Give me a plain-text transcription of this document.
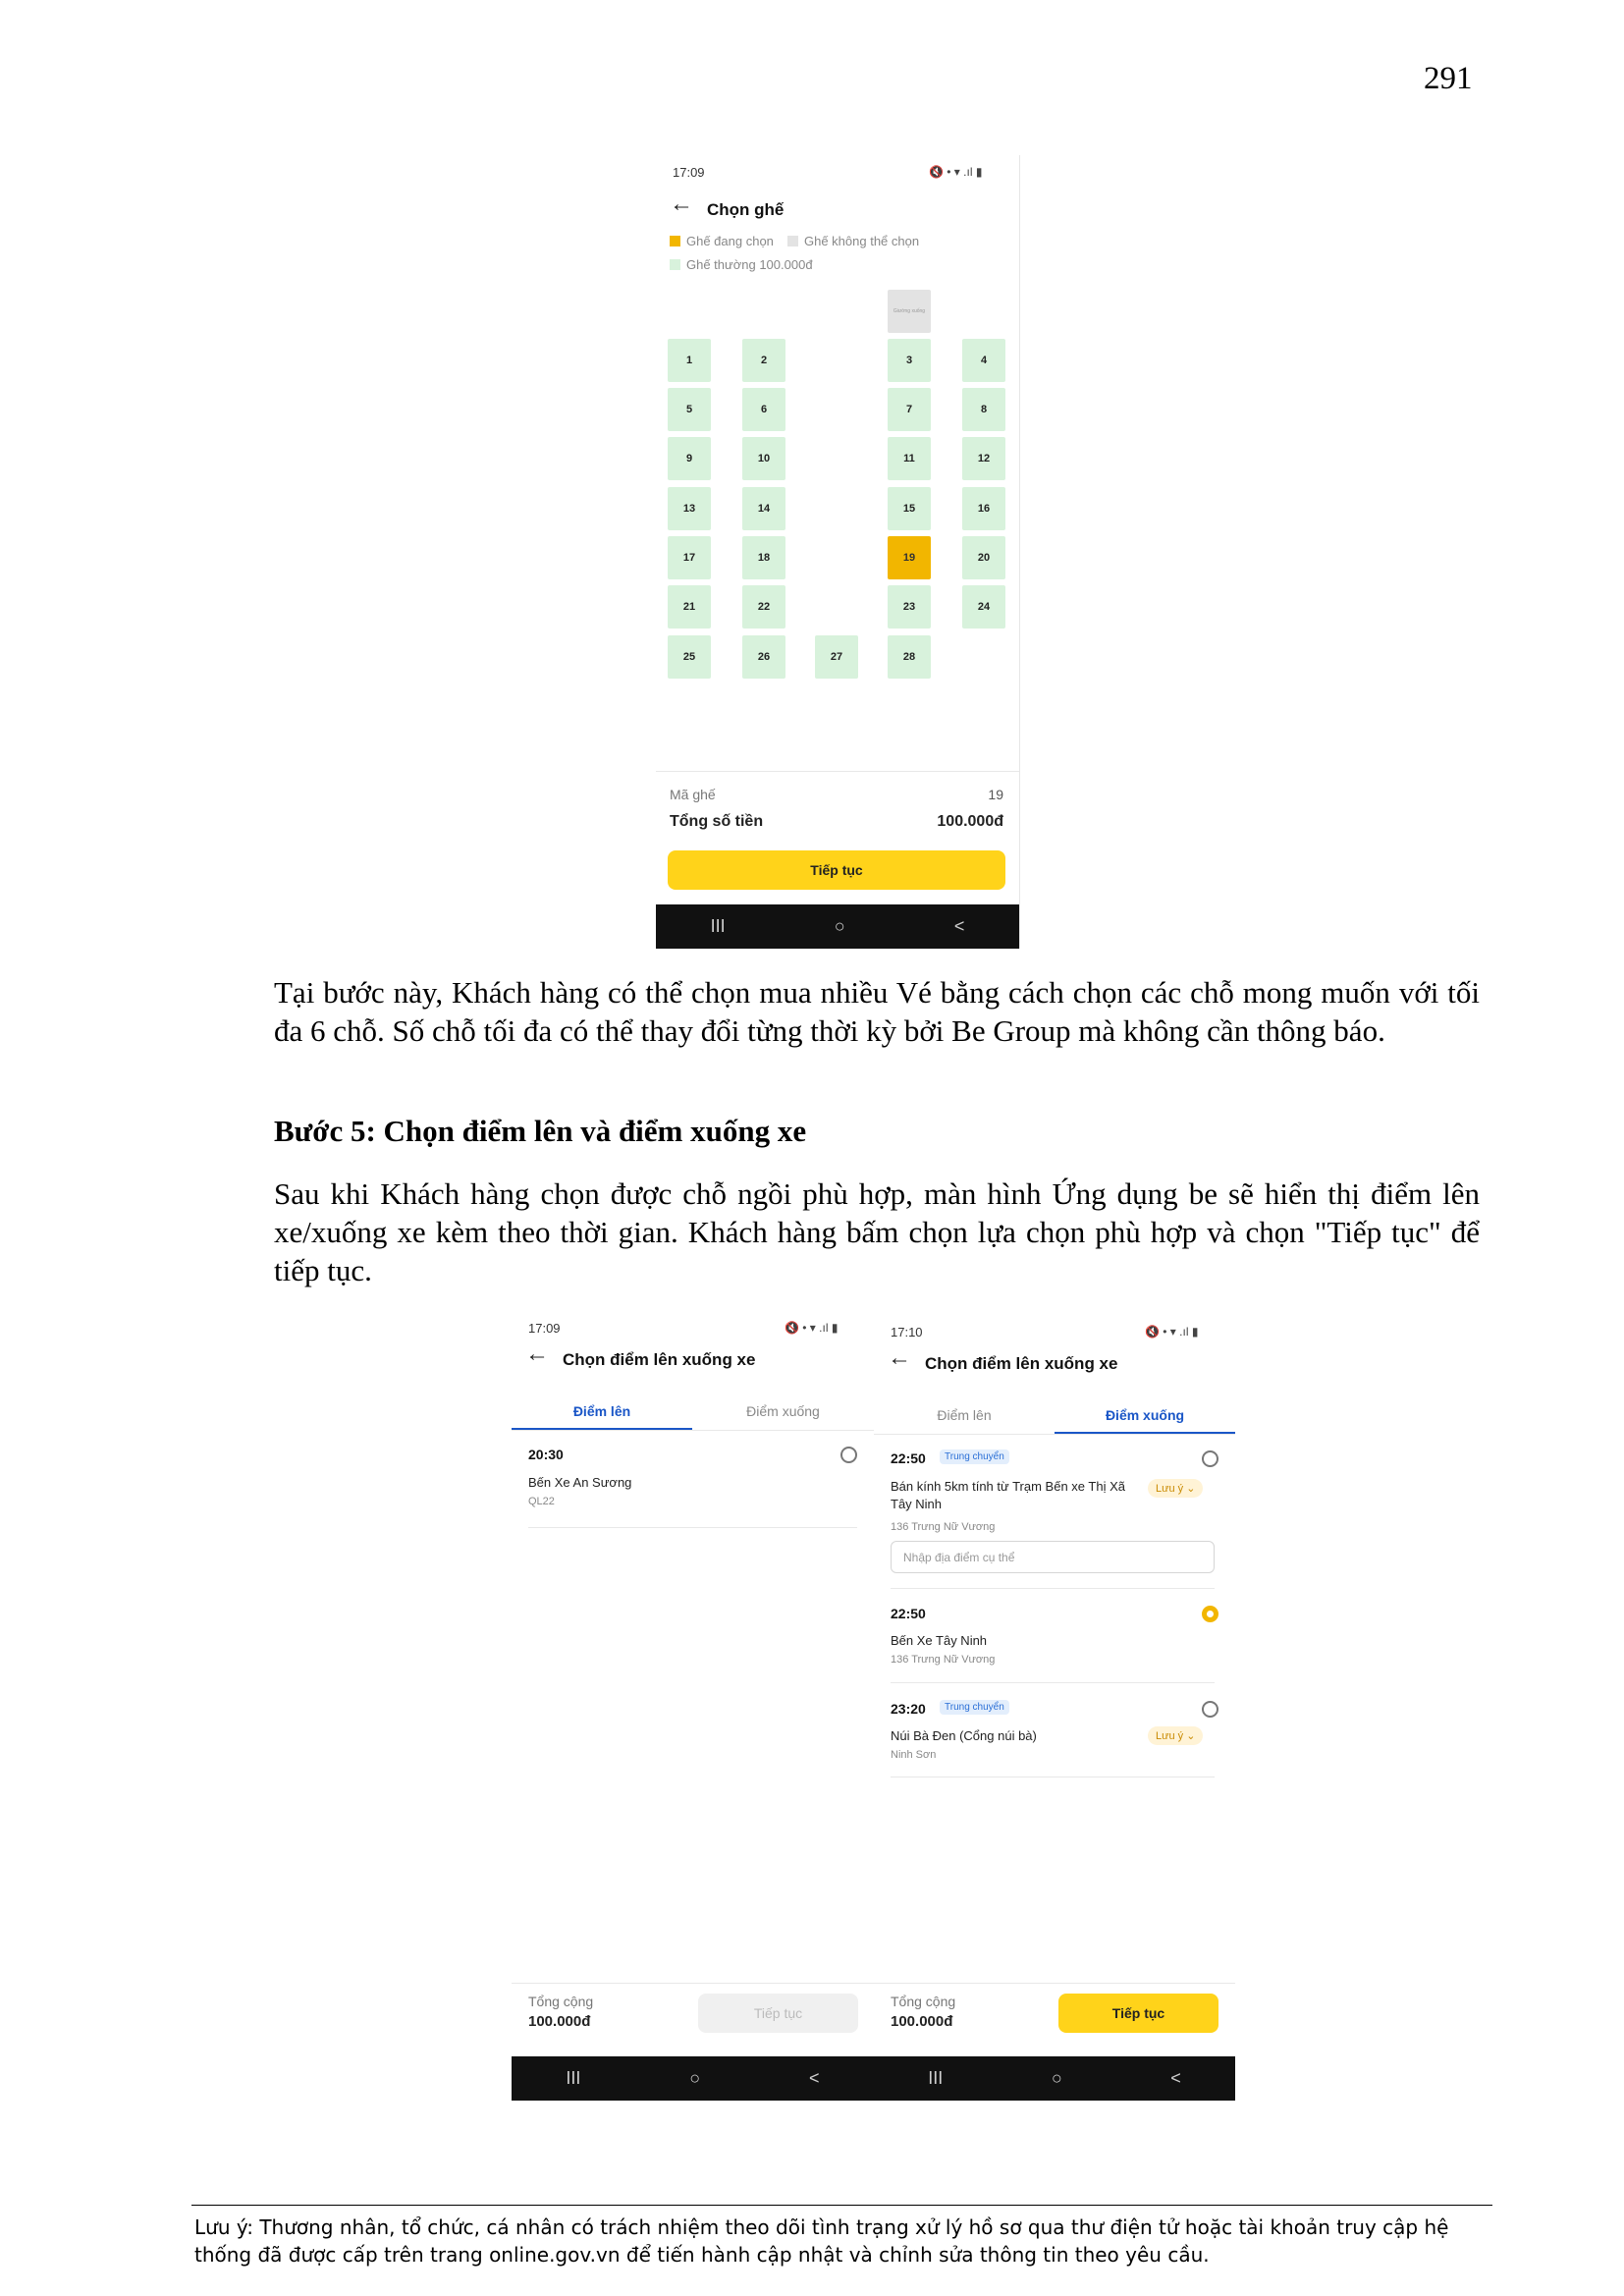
291
17:09	🔇 • ▾ .ıl ▮
← Chọn ghế
Ghế đang chọn	Ghế không thể chọn
Ghế thường 100.000đ
Giường xuống
1	2	3	4
5	6	7	8
9	10	11	12
13	14	15	16
17	18	19	20
21	22	23	24
25	26	27	28
Mã ghế	19
Tổng số tiền	100.000đ
Tiếp tục
III	○	<
Tại bước này, Khách hàng có thể chọn mua nhiều Vé bằng cách chọn các chỗ mong muốn với tối đa 6 chỗ. Số chỗ tối đa có thể thay đổi từng thời kỳ bởi Be Group mà không cần thông báo.
Bước 5: Chọn điểm lên và điểm xuống xe
Sau khi Khách hàng chọn được chỗ ngồi phù hợp, màn hình Ứng dụng be sẽ hiển thị điểm lên xe/xuống xe kèm theo thời gian. Khách hàng bấm chọn lựa chọn phù hợp và chọn "Tiếp tục" để tiếp tục.
17:09	🔇 • ▾ .ıl ▮
← Chọn điểm lên xuống xe
Điểm lên	Điểm xuống
20:30
Bến Xe An Sương
QL22
Tổng cộng
100.000đ	Tiếp tục
III	○	<
17:10	🔇 • ▾ .ıl ▮
← Chọn điểm lên xuống xe
Điểm lên	Điểm xuống
22:50	Trung chuyển
Bán kính 5km tính từ Trạm Bến xe Thị Xã Tây Ninh
Lưu ý ⌄
136 Trưng Nữ Vương
Nhập địa điểm cụ thể
22:50
Bến Xe Tây Ninh
136 Trưng Nữ Vương
23:20	Trung chuyển
Núi Bà Đen (Cổng núi bà)	Lưu ý ⌄
Ninh Sơn
Tổng cộng
100.000đ	Tiếp tục
III	○	<
Lưu ý: Thương nhân, tổ chức, cá nhân có trách nhiệm theo dõi tình trạng xử lý hồ sơ qua thư điện tử hoặc tài khoản truy cập hệ thống đã được cấp trên trang online.gov.vn để tiến hành cập nhật và chỉnh sửa thông tin theo yêu cầu.
